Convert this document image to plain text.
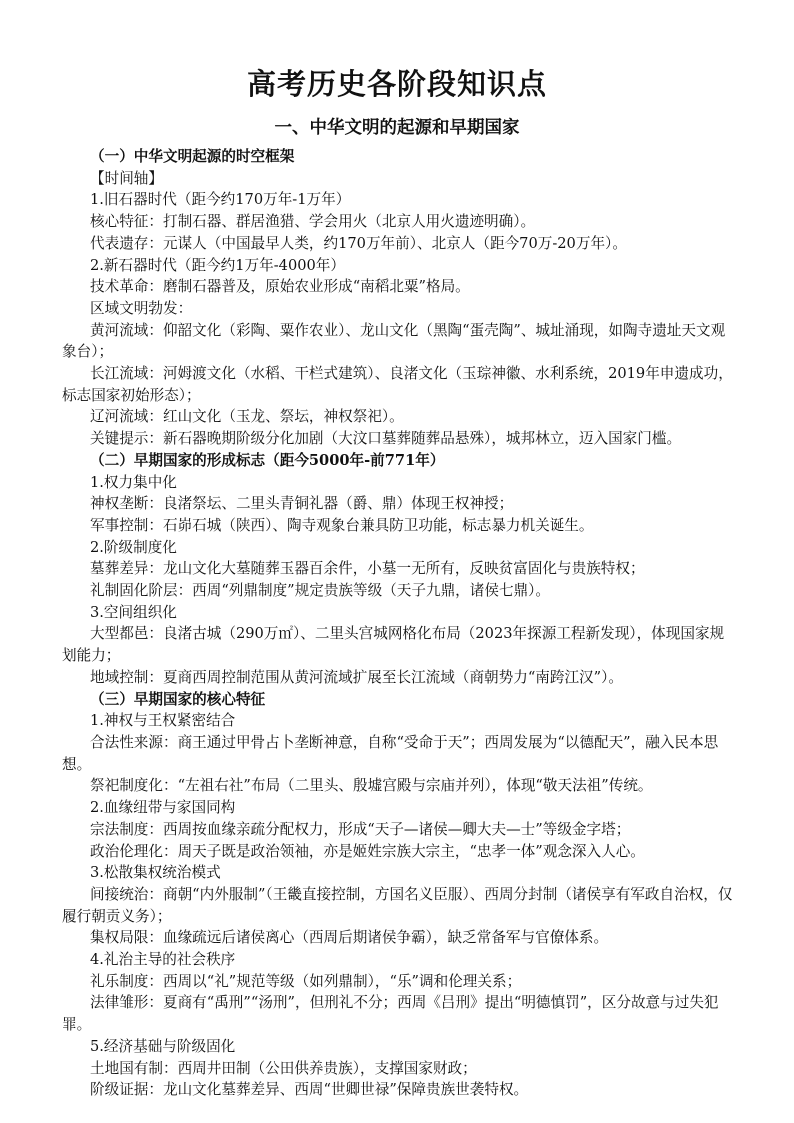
高考历史各阶段知识点
一、中华文明的起源和早期国家

（一）中华文明起源的时空框架

【时间轴】

1.旧石器时代（距今约170万年-1万年）

核心特征：打制石器、群居渔猎、学会用火（北京人用火遗迹明确）。

代表遗存：元谋人（中国最早人类，约170万年前）、北京人（距今70万-20万年）。

2.新石器时代（距今约1万年-4000年）

技术革命：磨制石器普及，原始农业形成“南稻北粟”格局。

区域文明勃发：

黄河流域：仰韶文化（彩陶、粟作农业）、龙山文化（黑陶“蛋壳陶”、城址涌现，如陶寺遗址天文观象台）；

长江流域：河姆渡文化（水稻、干栏式建筑）、良渚文化（玉琮神徽、水利系统，2019年申遗成功，标志国家初始形态）；

辽河流域：红山文化（玉龙、祭坛，神权祭祀）。

关键提示：新石器晚期阶级分化加剧（大汶口墓葬随葬品悬殊），城邦林立，迈入国家门槛。

（二）早期国家的形成标志（距今5000年-前771年）

1.权力集中化

神权垄断：良渚祭坛、二里头青铜礼器（爵、鼎）体现王权神授；

军事控制：石峁石城（陕西）、陶寺观象台兼具防卫功能，标志暴力机关诞生。

2.阶级制度化

墓葬差异：龙山文化大墓随葬玉器百余件，小墓一无所有，反映贫富固化与贵族特权；

礼制固化阶层：西周“列鼎制度”规定贵族等级（天子九鼎，诸侯七鼎）。

3.空间组织化

大型都邑：良渚古城（290万㎡）、二里头宫城网格化布局（2023年探源工程新发现），体现国家规划能力；

地域控制：夏商西周控制范围从黄河流域扩展至长江流域（商朝势力“南跨江汉”）。

（三）早期国家的核心特征

1.神权与王权紧密结合

合法性来源：商王通过甲骨占卜垄断神意，自称“受命于天”；西周发展为“以德配天”，融入民本思想。

祭祀制度化：“左祖右社”布局（二里头、殷墟宫殿与宗庙并列），体现“敬天法祖”传统。

2.血缘纽带与家国同构

宗法制度：西周按血缘亲疏分配权力，形成“天子—诸侯—卿大夫—士”等级金字塔；

政治伦理化：周天子既是政治领袖，亦是姬姓宗族大宗主，“忠孝一体”观念深入人心。

3.松散集权统治模式

间接统治：商朝“内外服制”（王畿直接控制，方国名义臣服）、西周分封制（诸侯享有军政自治权，仅履行朝贡义务）；

集权局限：血缘疏远后诸侯离心（西周后期诸侯争霸），缺乏常备军与官僚体系。

4.礼治主导的社会秩序

礼乐制度：西周以“礼”规范等级（如列鼎制），“乐”调和伦理关系；

法律雏形：夏商有“禹刑”“汤刑”，但刑礼不分；西周《吕刑》提出“明德慎罚”，区分故意与过失犯罪。

5.经济基础与阶级固化

土地国有制：西周井田制（公田供养贵族），支撑国家财政；

阶级证据：龙山文化墓葬差异、西周“世卿世禄”保障贵族世袭特权。
